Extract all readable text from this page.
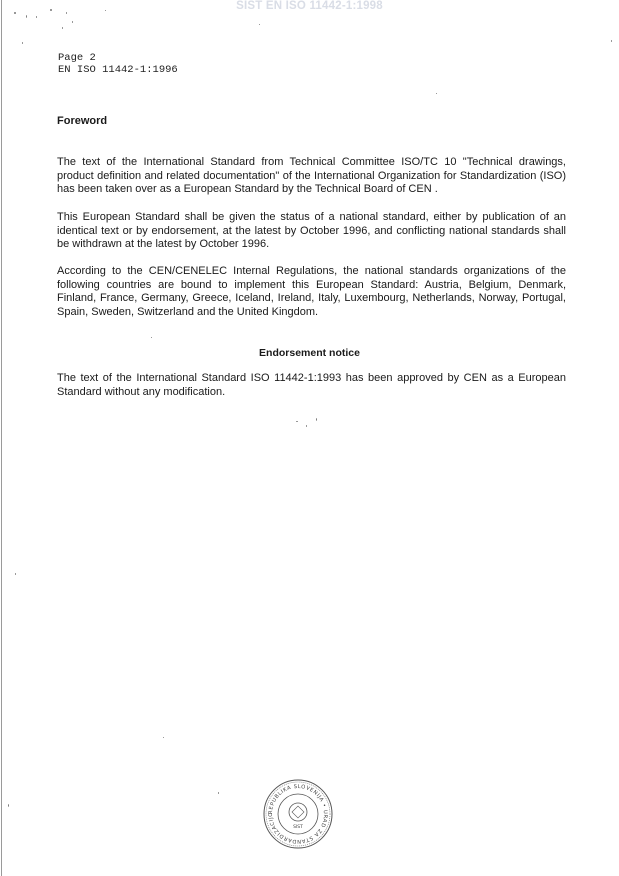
SIST EN ISO 11442-1:1998
Page 2
EN ISO 11442-1:1996
Foreword
The text of the International Standard from Technical Committee ISO/TC 10 "Technical drawings, product definition and related documentation" of the International Organization for Standardization (ISO) has been taken over as a European Standard by the Technical Board of CEN .
This European Standard shall be given the status of a national standard, either by publication of an identical text or by endorsement, at the latest by October 1996, and conflicting national standards shall be withdrawn at the latest by October 1996.
According to the CEN/CENELEC Internal Regulations, the national standards organizations of the following countries are bound to implement this European Standard: Austria, Belgium, Denmark, Finland, France, Germany, Greece, Iceland, Ireland, Italy, Luxembourg, Netherlands, Norway, Portugal, Spain, Sweden, Switzerland and the United Kingdom.
Endorsement notice
The text of the International Standard ISO 11442-1:1993 has been approved by CEN as a European Standard without any modification.
REPUBLIKA SLOVENIJA • URAD ZA STANDARDIZACIJO
SIST
